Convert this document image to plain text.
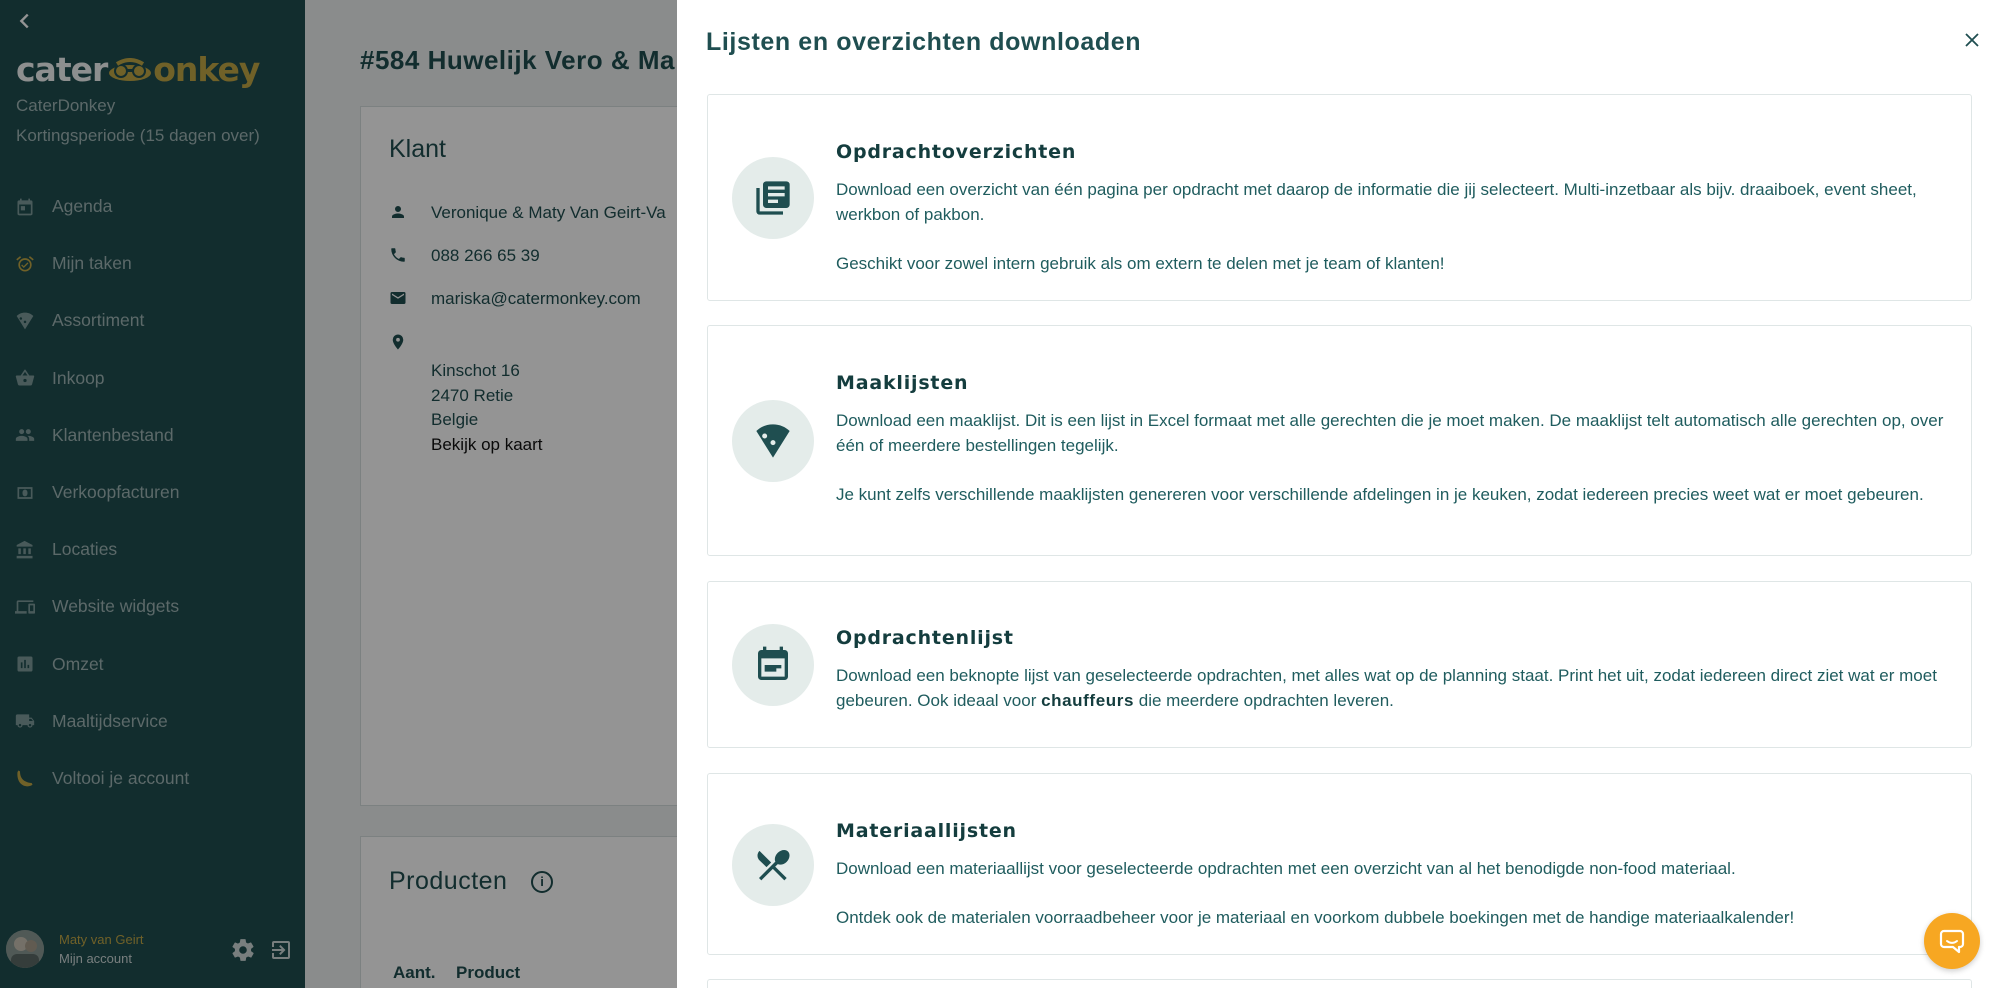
cater onkey
CaterDonkey
Kortingsperiode (15 dagen over)
Agenda
Mijn taken
Assortiment
Inkoop
Klantenbestand
Verkoopfacturen
Locaties
Website widgets
Omzet
Maaltijdservice
Voltooi je account
Maty van Geirt
Mijn account
#584 Huwelijk Vero & Ma
Klant
Veronique & Maty Van Geirt-Va
088 266 65 39
mariska@catermonkey.com
Kinschot 16
2470 Retie
Belgie
Bekijk op kaart
Producten	i
Aant. Product
Lijsten en overzichten downloaden
Opdrachtoverzichten
Download een overzicht van één pagina per opdracht met daarop de informatie die jij selecteert. Multi-inzetbaar als bijv. draaiboek, event sheet, werkbon of pakbon.
Geschikt voor zowel intern gebruik als om extern te delen met je team of klanten!
Maaklijsten
Download een maaklijst. Dit is een lijst in Excel formaat met alle gerechten die je moet maken. De maaklijst telt automatisch alle gerechten op, over één of meerdere bestellingen tegelijk.
Je kunt zelfs verschillende maaklijsten genereren voor verschillende afdelingen in je keuken, zodat iedereen precies weet wat er moet gebeuren.
Opdrachtenlijst
Download een beknopte lijst van geselecteerde opdrachten, met alles wat op de planning staat. Print het uit, zodat iedereen direct ziet wat er moet gebeuren. Ook ideaal voor chauffeurs die meerdere opdrachten leveren.
Materiaallijsten
Download een materiaallijst voor geselecteerde opdrachten met een overzicht van al het benodigde non-food materiaal.
Ontdek ook de materialen voorraadbeheer voor je materiaal en voorkom dubbele boekingen met de handige materiaalkalender!
